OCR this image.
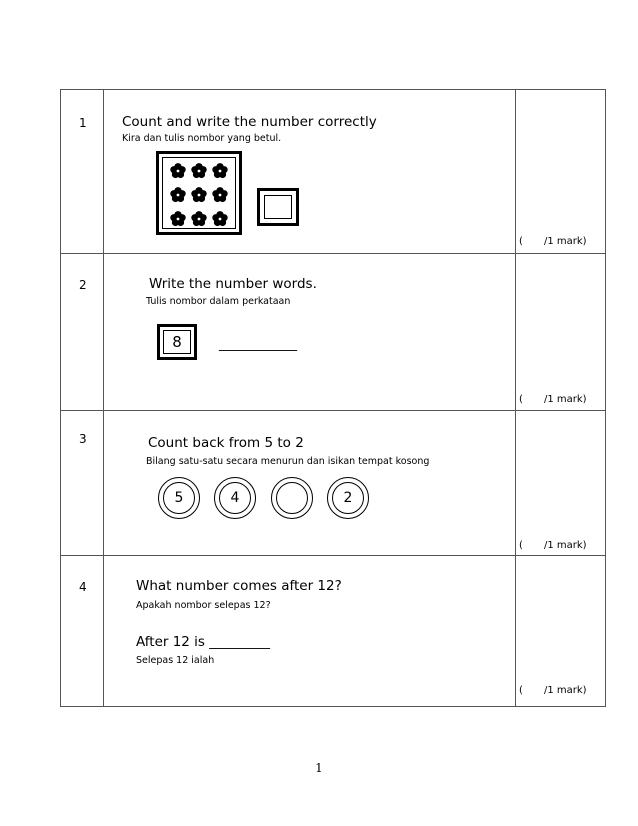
1	Count and write the number correctly
Kira dan tulis nombor yang betul.
( /1 mark)
2	Write the number words.
Tulis nombor dalam perkataan
8	____________
( /1 mark)
3	Count back from 5 to 2
Bilang satu-satu secara menurun dan isikan tempat kosong
5	4	2
( /1 mark)
4	What number comes after 12?
Apakah nombor selepas 12?
After 12 is _________
Selepas 12 ialah
( /1 mark)
1
